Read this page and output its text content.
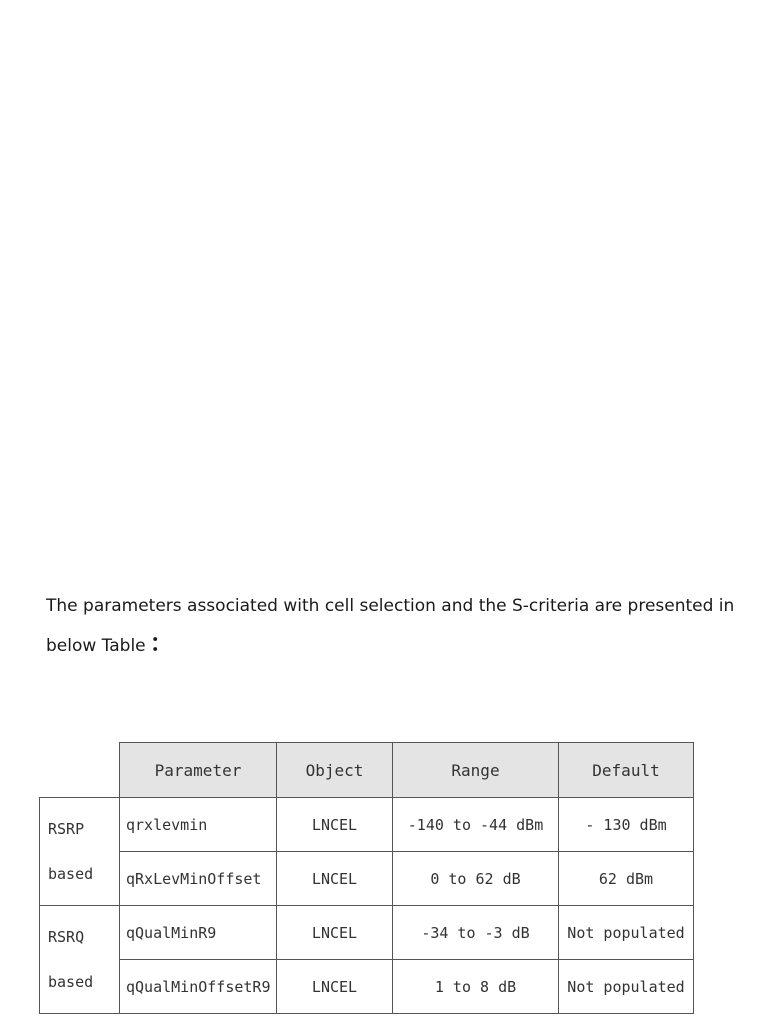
The parameters associated with cell selection and the S-criteria are presented in below Table ：

	Parameter	Object	Range	Default

RSRP
based	qrxlevmin	LNCEL	-140 to -44 dBm	- 130 dBm
	qRxLevMinOffset	LNCEL	0 to 62 dB	62 dBm

RSRQ
based	qQualMinR9	LNCEL	-34 to -3 dB	Not populated
	qQualMinOffsetR9	LNCEL	1 to 8 dB	Not populated
